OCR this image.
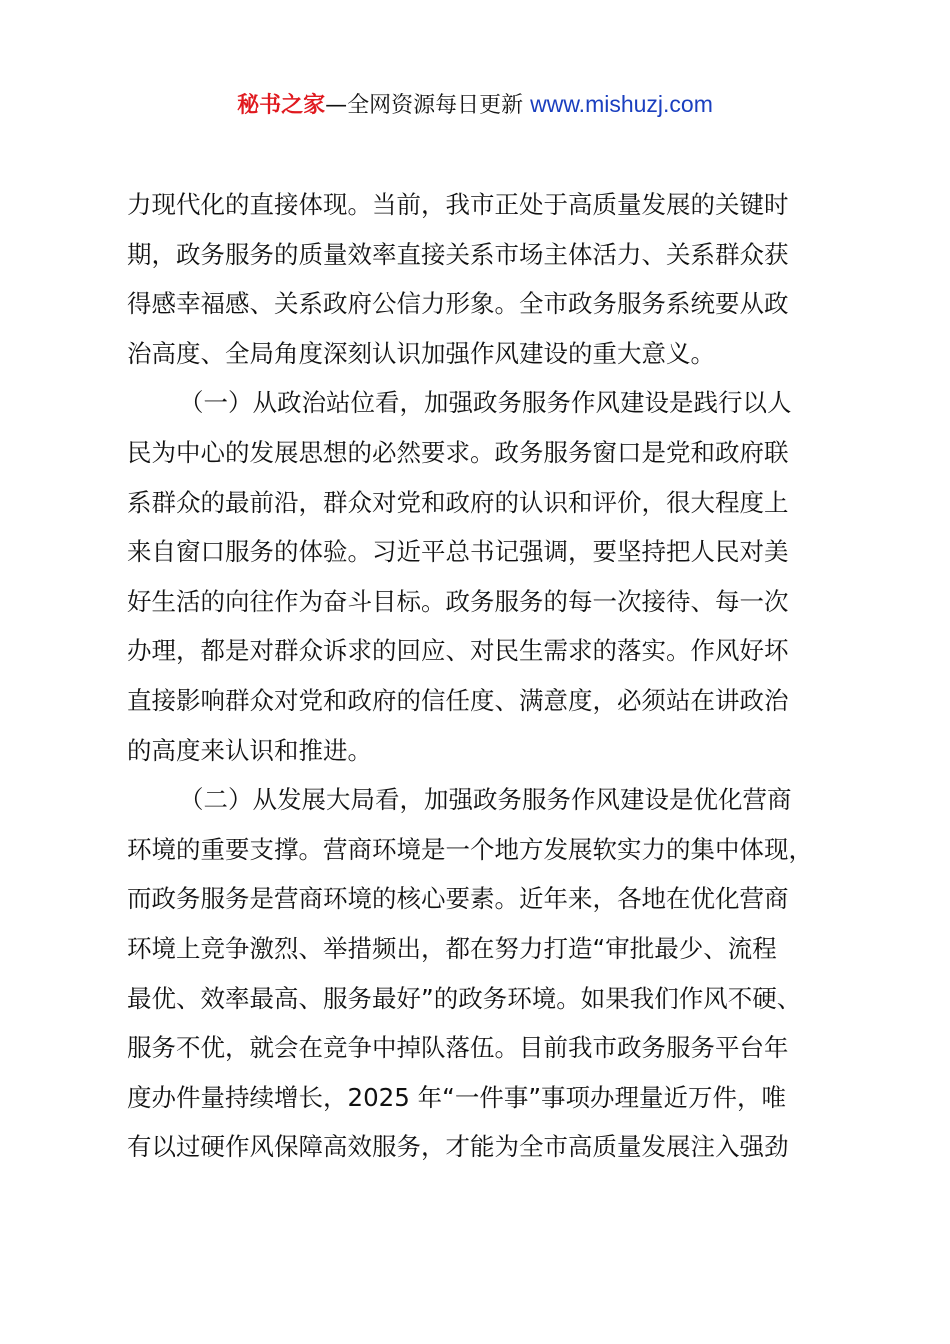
秘书之家—全网资源每日更新 www.mishuzj.com
力现代化的直接体现。当前，我市正处于高质量发展的关键时
期，政务服务的质量效率直接关系市场主体活力、关系群众获
得感幸福感、关系政府公信力形象。全市政务服务系统要从政
治高度、全局角度深刻认识加强作风建设的重大意义。
（一）从政治站位看，加强政务服务作风建设是践行以人
民为中心的发展思想的必然要求。政务服务窗口是党和政府联
系群众的最前沿，群众对党和政府的认识和评价，很大程度上
来自窗口服务的体验。习近平总书记强调，要坚持把人民对美
好生活的向往作为奋斗目标。政务服务的每一次接待、每一次
办理，都是对群众诉求的回应、对民生需求的落实。作风好坏
直接影响群众对党和政府的信任度、满意度，必须站在讲政治
的高度来认识和推进。
（二）从发展大局看，加强政务服务作风建设是优化营商
环境的重要支撑。营商环境是一个地方发展软实力的集中体现，
而政务服务是营商环境的核心要素。近年来，各地在优化营商
环境上竞争激烈、举措频出，都在努力打造“审批最少、流程
最优、效率最高、服务最好”的政务环境。如果我们作风不硬、
服务不优，就会在竞争中掉队落伍。目前我市政务服务平台年
度办件量持续增长，2025 年“一件事”事项办理量近万件，唯
有以过硬作风保障高效服务，才能为全市高质量发展注入强劲
